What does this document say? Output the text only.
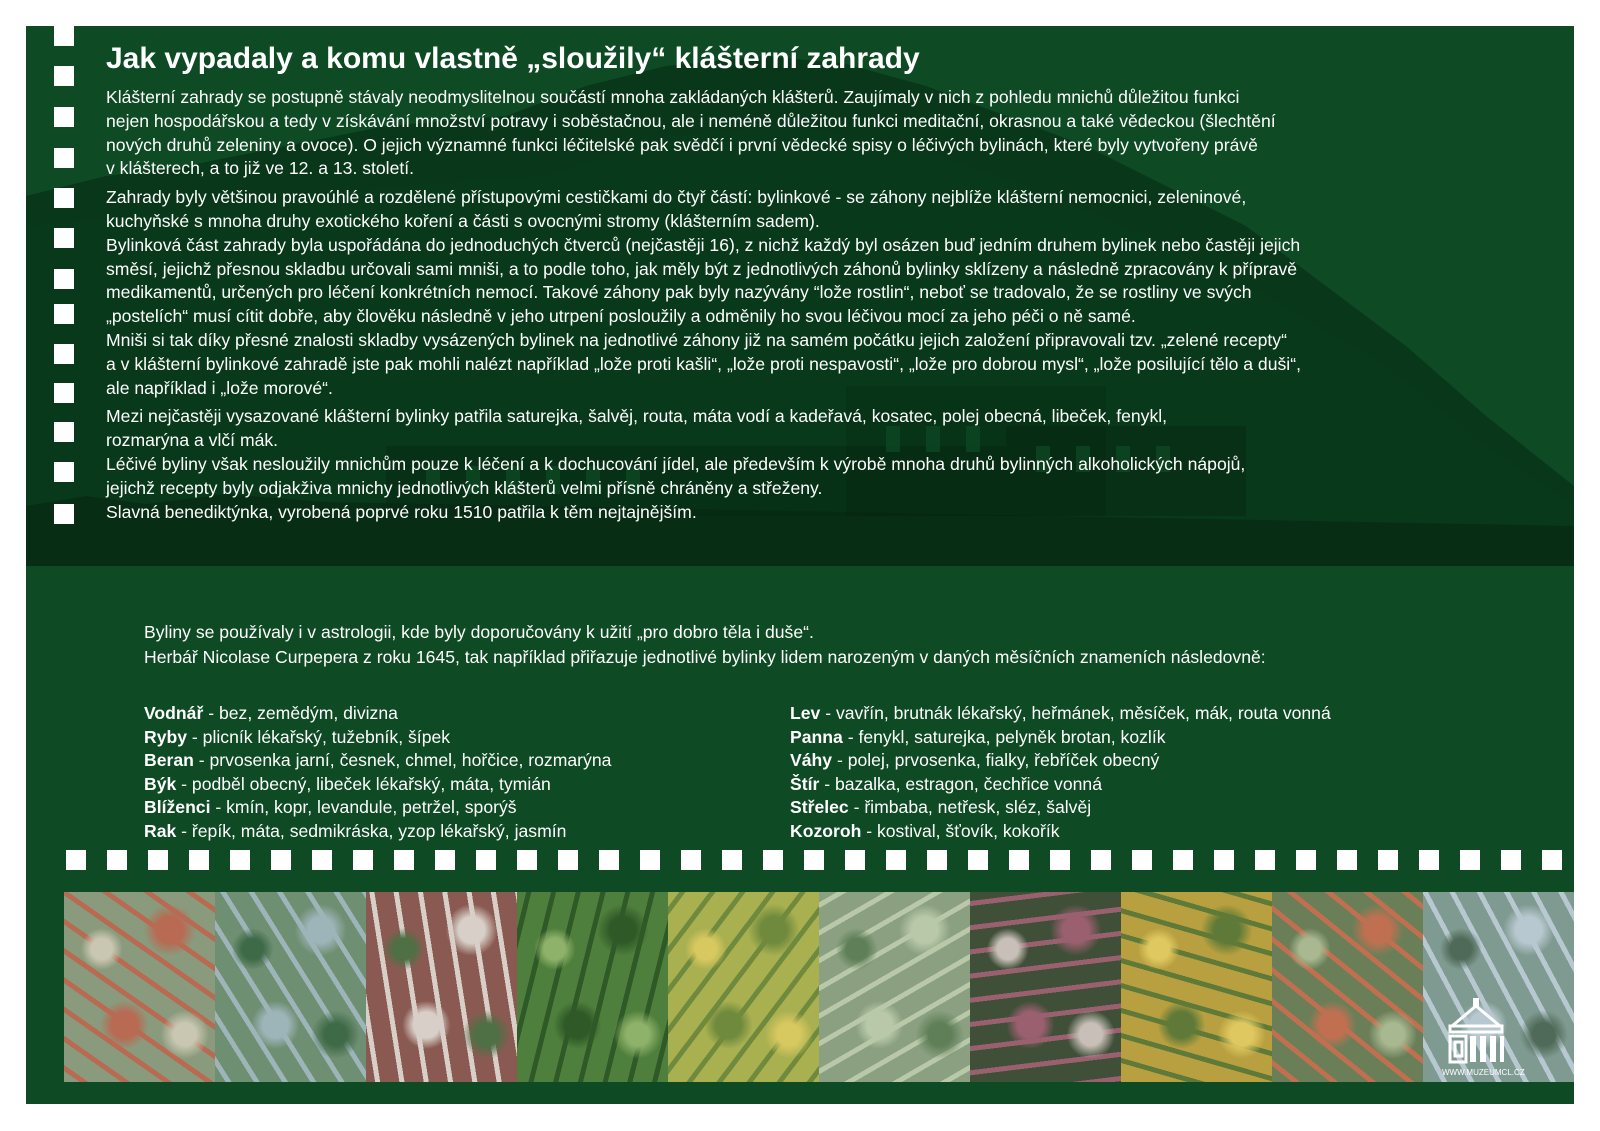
Jak vypadaly a komu vlastně „sloužily“ klášterní zahrady

Klášterní zahrady se postupně stávaly neodmyslitelnou součástí mnoha zakládaných klášterů. Zaujímaly v nich z pohledu mnichů důležitou funkci
nejen hospodářskou a tedy v získávání množství potravy i soběstačnou, ale i neméně důležitou funkci meditační, okrasnou a také vědeckou (šlechtění
nových druhů zeleniny a ovoce). O jejich významné funkci léčitelské pak svědčí i první vědecké spisy o léčivých bylinách, které byly vytvořeny právě
v klášterech, a to již ve 12. a 13. století.

Zahrady byly většinou pravoúhlé a rozdělené přístupovými cestičkami do čtyř částí: bylinkové - se záhony nejblíže klášterní nemocnici, zeleninové,
kuchyňské s mnoha druhy exotického koření a části s ovocnými stromy (klášterním sadem).

Bylinková část zahrady byla uspořádána do jednoduchých čtverců (nejčastěji 16), z nichž každý byl osázen buď jedním druhem bylinek nebo častěji jejich
směsí, jejichž přesnou skladbu určovali sami mniši, a to podle toho, jak měly být z jednotlivých záhonů bylinky sklízeny a následně zpracovány k přípravě
medikamentů, určených pro léčení konkrétních nemocí. Takové záhony pak byly nazývány “lože rostlin“, neboť se tradovalo, že se rostliny ve svých
„postelích“ musí cítit dobře, aby člověku následně v jeho utrpení posloužily a odměnily ho svou léčivou mocí za jeho péči o ně samé.

Mniši si tak díky přesné znalosti skladby vysázených bylinek na jednotlivé záhony již na samém počátku jejich založení připravovali tzv. „zelené recepty“
a v klášterní bylinkové zahradě jste pak mohli nalézt například „lože proti kašli“, „lože proti nespavosti“, „lože pro dobrou mysl“, „lože posilující tělo a duši“,
ale například i „lože morové“.

Mezi nejčastěji vysazované klášterní bylinky patřila saturejka, šalvěj, routa, máta vodí a kadeřavá, kosatec, polej obecná, libeček, fenykl,
rozmarýna a vlčí mák.

Léčivé byliny však nesloužily mnichům pouze k léčení a k dochucování jídel, ale především k výrobě mnoha druhů bylinných alkoholických nápojů,
jejichž recepty byly odjakživa mnichy jednotlivých klášterů velmi přísně chráněny a střeženy.

Slavná benediktýnka, vyrobená poprvé roku 1510 patřila k těm nejtajnějším.

Byliny se používaly i v astrologii, kde byly doporučovány k užití „pro dobro těla i duše“.

Herbář Nicolase Curpepera z roku 1645, tak například přiřazuje jednotlivé bylinky lidem narozeným v daných měsíčních znameních následovně:

Vodnář - bez, zemědým, divizna
Ryby - plicník lékařský, tužebník, šípek
Beran - prvosenka jarní, česnek, chmel, hořčice, rozmarýna
Býk - podběl obecný, libeček lékařský, máta, tymián
Blíženci - kmín, kopr, levandule, petržel, sporýš
Rak - řepík, máta, sedmikráska, yzop lékařský, jasmín
Lev - vavřín, brutnák lékařský, heřmánek, měsíček, mák, routa vonná
Panna - fenykl, saturejka, pelyněk brotan, kozlík
Váhy - polej, prvosenka, fialky, řebříček obecný
Štír - bazalka, estragon, čechřice vonná
Střelec - řimbaba, netřesk, sléz, šalvěj
Kozoroh - kostival, šťovík, kokořík
WWW.MUZEUMCL.CZ
